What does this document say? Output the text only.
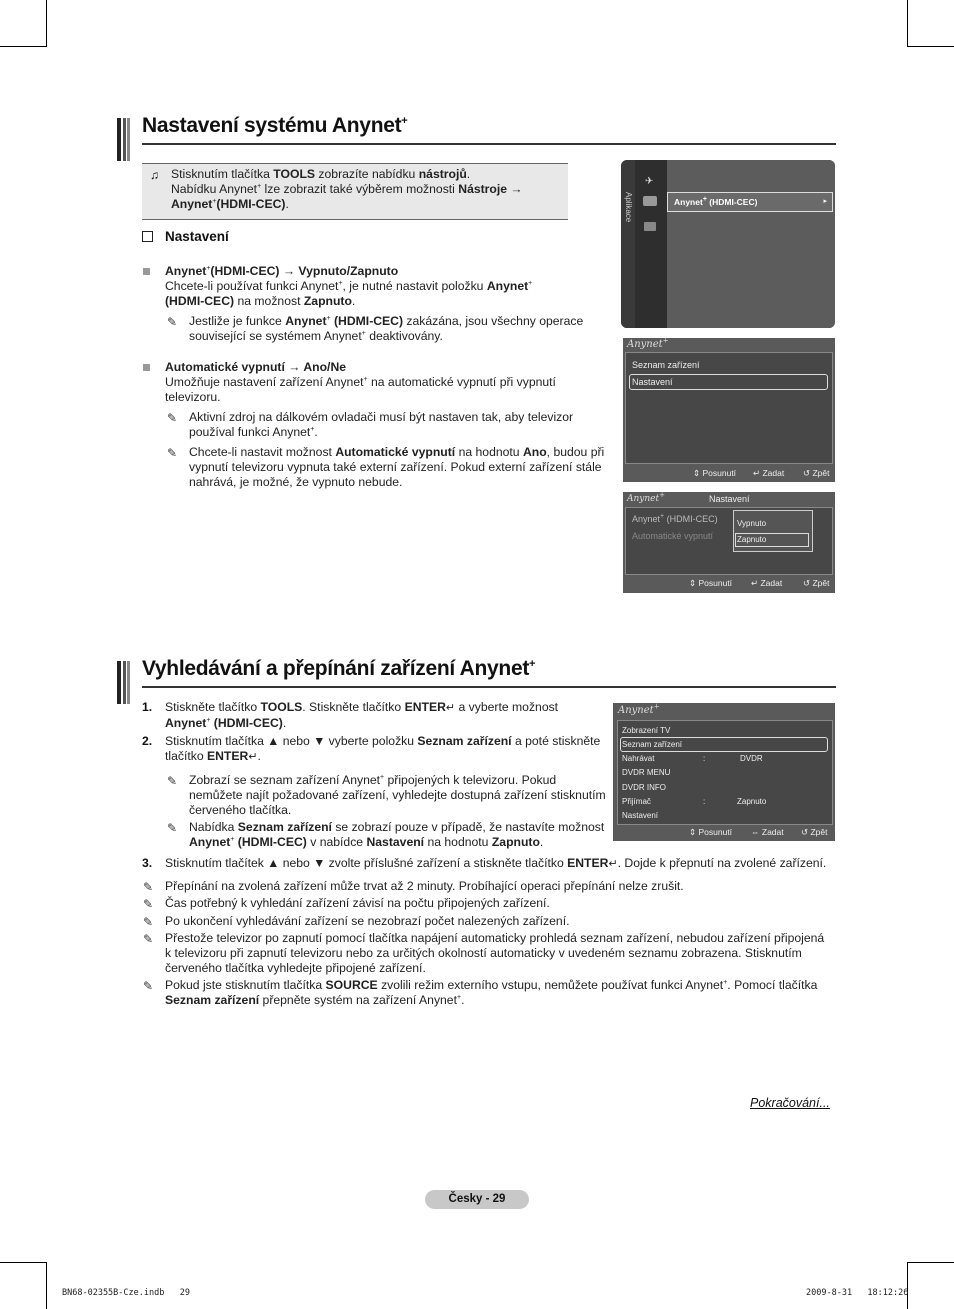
Nastavení systému Anynet+
♫ Stisknutím tlačítka TOOLS zobrazíte nabídku nástrojů.
Nabídku Anynet+ lze zobrazit také výběrem možnosti Nástroje →
Anynet+(HDMI-CEC).
Nastavení
Anynet+(HDMI-CEC) → Vypnuto/Zapnuto
Chcete-li používat funkci Anynet+, je nutné nastavit položku Anynet+
(HDMI-CEC) na možnost Zapnuto.
✎ Jestliže je funkce Anynet+ (HDMI-CEC) zakázána, jsou všechny operace
související se systémem Anynet+ deaktivovány.
Automatické vypnutí → Ano/Ne
Umožňuje nastavení zařízení Anynet+ na automatické vypnutí při vypnutí
televizoru.
✎ Aktivní zdroj na dálkovém ovladači musí být nastaven tak, aby televizor
používal funkci Anynet+.
✎ Chcete-li nastavit možnost Automatické vypnutí na hodnotu Ano, budou při
vypnutí televizoru vypnuta také externí zařízení. Pokud externí zařízení stále
nahrává, je možné, že vypnuto nebude.
Aplikace
✈
Anynet+ (HDMI-CEC)	▸
Anynet+
Seznam zařízení
Nastavení
⇕ Posunutí ↵ Zadat ↺ Zpět
Anynet+	Nastavení
Anynet+ (HDMI-CEC)
Automatické vypnutí
Vypnuto
Zapnuto
⇕ Posunutí ↵ Zadat ↺ Zpět
Vyhledávání a přepínání zařízení Anynet+
1. Stiskněte tlačítko TOOLS. Stiskněte tlačítko ENTER↵ a vyberte možnost
Anynet+ (HDMI-CEC).
2. Stisknutím tlačítka ▲ nebo ▼ vyberte položku Seznam zařízení a poté stiskněte
tlačítko ENTER↵.
✎ Zobrazí se seznam zařízení Anynet+ připojených k televizoru. Pokud
nemůžete najít požadované zařízení, vyhledejte dostupná zařízení stisknutím
červeného tlačítka.
✎ Nabídka Seznam zařízení se zobrazí pouze v případě, že nastavíte možnost
Anynet+ (HDMI-CEC) v nabídce Nastavení na hodnotu Zapnuto.
Anynet+
Zobrazení TV
Seznam zařízení
Nahrávat	:	DVDR
DVDR MENU
DVDR INFO
Přijímač	:	Zapnuto
Nastavení
⇕ Posunutí ⇔ Zadat ↺ Zpět
3. Stisknutím tlačítek ▲ nebo ▼ zvolte příslušné zařízení a stiskněte tlačítko ENTER↵. Dojde k přepnutí na zvolené zařízení.
✎ Přepínání na zvolená zařízení může trvat až 2 minuty. Probíhající operaci přepínání nelze zrušit.
✎ Čas potřebný k vyhledání zařízení závisí na počtu připojených zařízení.
✎ Po ukončení vyhledávání zařízení se nezobrazí počet nalezených zařízení.
✎ Přestože televizor po zapnutí pomocí tlačítka napájení automaticky prohledá seznam zařízení, nebudou zařízení připojená
k televizoru při zapnutí televizoru nebo za určitých okolností automaticky v uvedeném seznamu zobrazena. Stisknutím
červeného tlačítka vyhledejte připojené zařízení.
✎ Pokud jste stisknutím tlačítka SOURCE zvolili režim externího vstupu, nemůžete používat funkci Anynet+. Pomocí tlačítka
Seznam zařízení přepněte systém na zařízení Anynet+.
Pokračování...
Česky - 29
BN68-02355B-Cze.indb   29	2009-8-31   18:12:26
